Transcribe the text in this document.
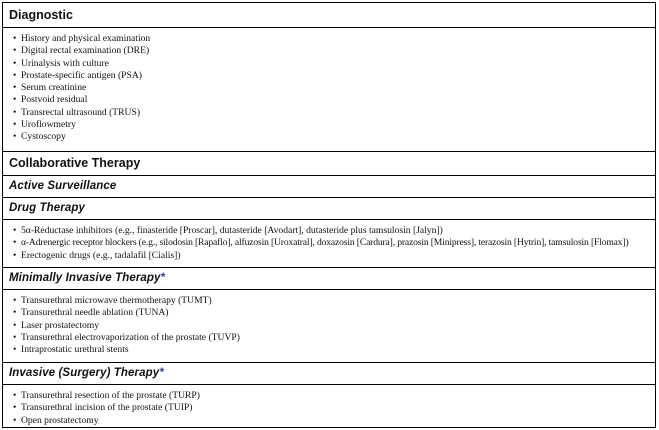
Diagnostic
• History and physical examination
• Digital rectal examination (DRE)
• Urinalysis with culture
• Prostate-specific antigen (PSA)
• Serum creatinine
• Postvoid residual
• Transrectal ultrasound (TRUS)
• Uroflowmetry
• Cystoscopy
Collaborative Therapy
Active Surveillance
Drug Therapy
• 5α-Reductase inhibitors (e.g., finasteride [Proscar], dutasteride [Avodart], dutasteride plus tamsulosin [Jalyn])
• α-Adrenergic receptor blockers (e.g., silodosin [Rapaflo], alfuzosin [Uroxatral], doxazosin [Cardura], prazosin [Minipress], terazosin [Hytrin], tamsulosin [Flomax])
• Erectogenic drugs (e.g., tadalafil [Cialis])
Minimally Invasive Therapy*
• Transurethral microwave thermotherapy (TUMT)
• Transurethral needle ablation (TUNA)
• Laser prostatectomy
• Transurethral electrovaporization of the prostate (TUVP)
• Intraprostatic urethral stents
Invasive (Surgery) Therapy*
• Transurethral resection of the prostate (TURP)
• Transurethral incision of the prostate (TUIP)
• Open prostatectomy
